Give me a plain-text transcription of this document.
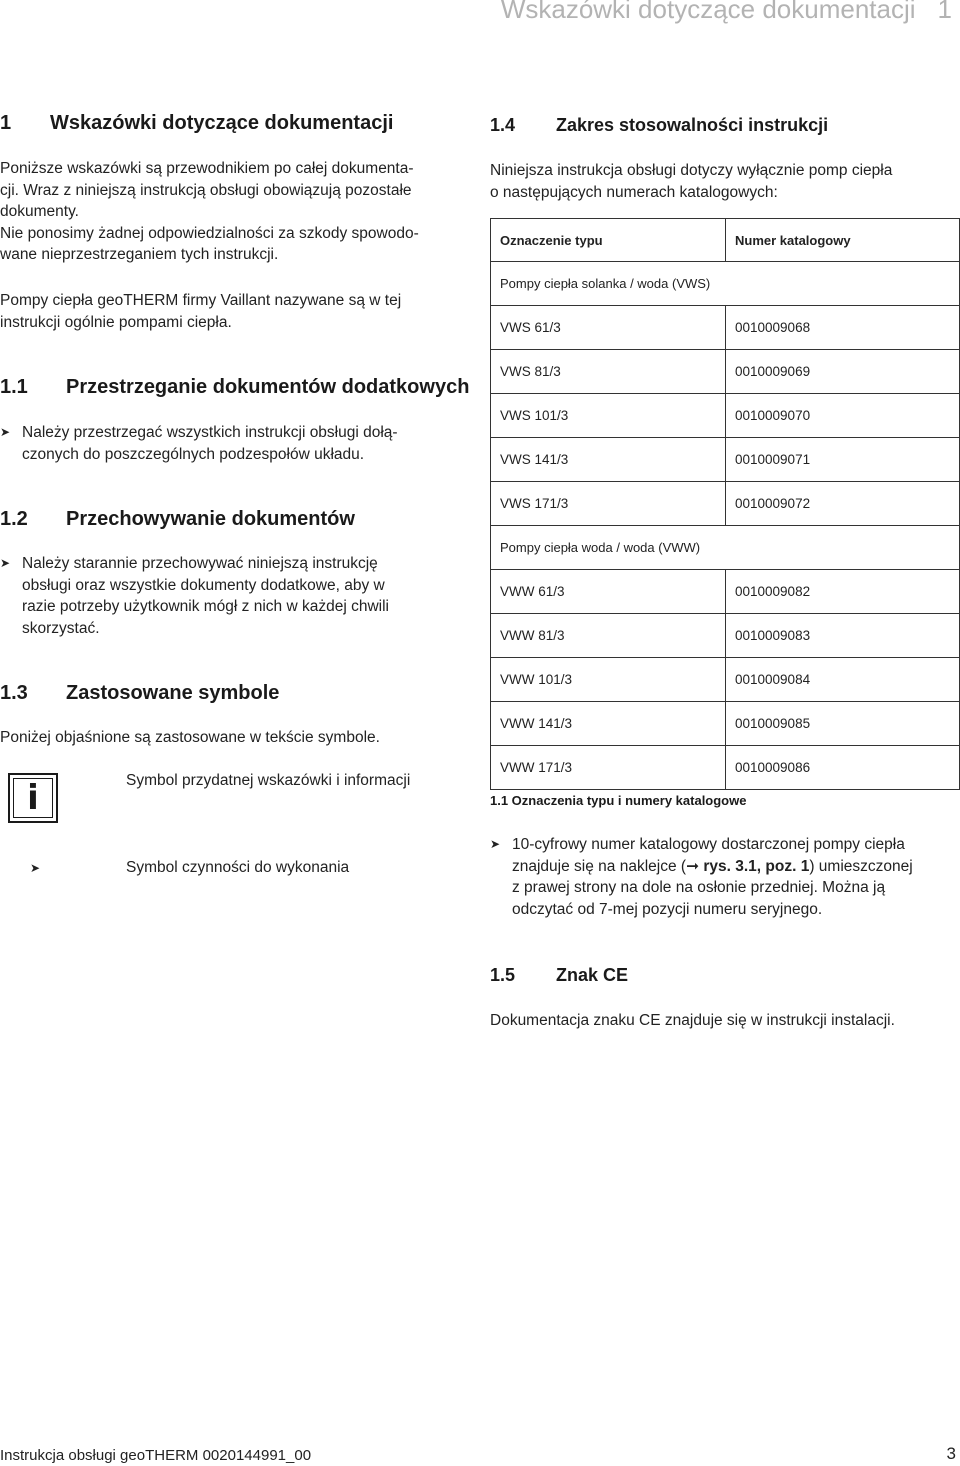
Wskazówki dotyczące dokumentacji 1
1 Wskazówki dotyczące dokumentacji
Poniższe wskazówki są przewodnikiem po całej dokumenta-
cji. Wraz z niniejszą instrukcją obsługi obowiązują pozostałe
dokumenty.
Nie ponosimy żadnej odpowiedzialności za szkody spowodo-
wane nieprzestrzeganiem tych instrukcji.
Pompy ciepła geoTHERM firmy Vaillant nazywane są w tej
instrukcji ogólnie pompami ciepła.
1.1 Przestrzeganie dokumentów dodatkowych
➤ Należy przestrzegać wszystkich instrukcji obsługi dołą-
czonych do poszczególnych podzespołów układu.
1.2 Przechowywanie dokumentów
➤ Należy starannie przechowywać niniejszą instrukcję
obsługi oraz wszystkie dokumenty dodatkowe, aby w
razie potrzeby użytkownik mógł z nich w każdej chwili
skorzystać.
1.3 Zastosowane symbole
Poniżej objaśnione są zastosowane w tekście symbole.
i	Symbol przydatnej wskazówki i informacji
➤	Symbol czynności do wykonania
1.4 Zakres stosowalności instrukcji
Niniejsza instrukcja obsługi dotyczy wyłącznie pomp ciepła
o następujących numerach katalogowych:
Oznaczenie typu	Numer katalogowy
Pompy ciepła solanka / woda (VWS)	
VWS 61/3	0010009068
VWS 81/3	0010009069
VWS 101/3	0010009070
VWS 141/3	0010009071
VWS 171/3	0010009072
Pompy ciepła woda / woda (VWW)	
VWW 61/3	0010009082
VWW 81/3	0010009083
VWW 101/3	0010009084
VWW 141/3	0010009085
VWW 171/3	0010009086
1.1 Oznaczenia typu i numery katalogowe
➤ 10-cyfrowy numer katalogowy dostarczonej pompy ciepła
znajduje się na naklejce (➞ rys. 3.1, poz. 1) umieszczonej
z prawej strony na dole na osłonie przedniej. Można ją
odczytać od 7-mej pozycji numeru seryjnego.
1.5 Znak CE
Dokumentacja znaku CE znajduje się w instrukcji instalacji.
Instrukcja obsługi geoTHERM 0020144991_00	3
